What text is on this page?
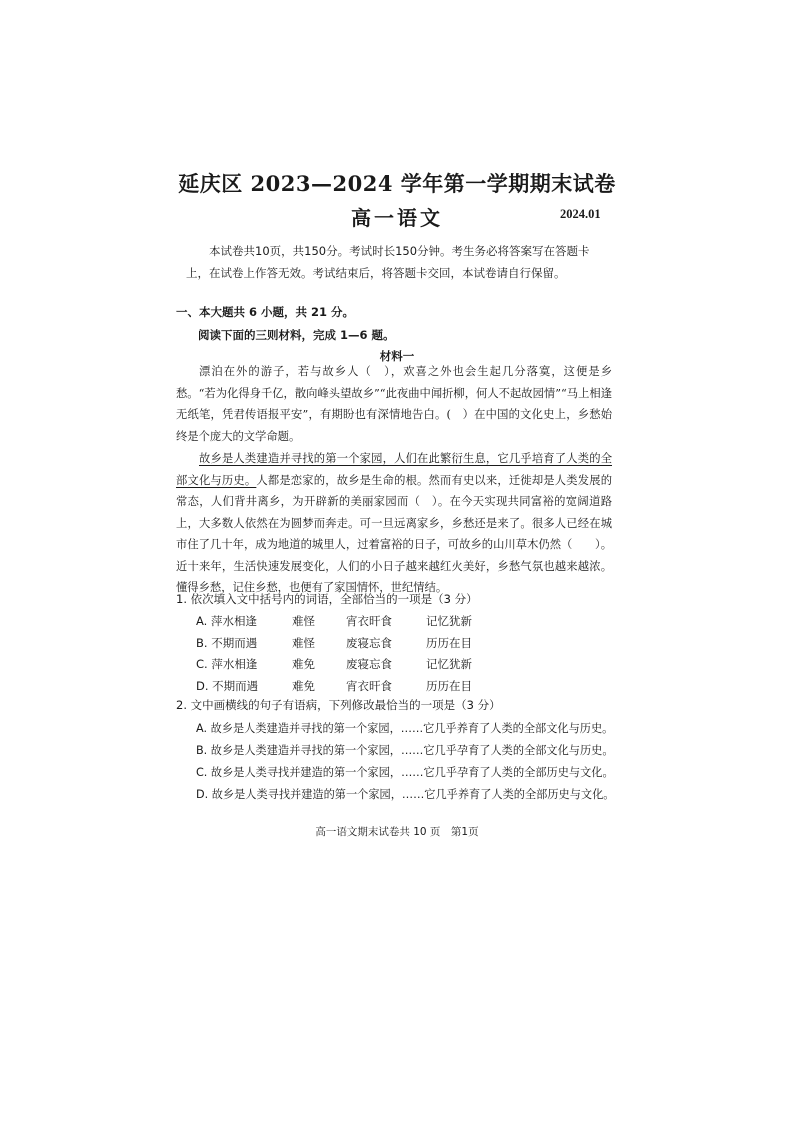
延庆区 2023—2024 学年第一学期期末试卷
高一语文	2024.01
本试卷共10页，共150分。考试时长150分钟。考生务必将答案写在答题卡上，在试卷上作答无效。考试结束后，将答题卡交回，本试卷请自行保留。
一、本大题共 6 小题，共 21 分。
阅读下面的三则材料，完成 1—6 题。
材料一
漂泊在外的游子，若与故乡人（　），欢喜之外也会生起几分落寞，这便是乡愁。“若为化得身千亿，散向峰头望故乡”“此夜曲中闻折柳，何人不起故园情”“马上相逢无纸笔，凭君传语报平安”，有期盼也有深情地告白。(　）在中国的文化史上，乡愁始终是个庞大的文学命题。
故乡是人类建造并寻找的第一个家园，人们在此繁衍生息，它几乎培育了人类的全部文化与历史。人都是恋家的，故乡是生命的根。然而有史以来，迁徙却是人类发展的常态，人们背井离乡，为开辟新的美丽家园而（　）。在今天实现共同富裕的宽阔道路上，大多数人依然在为圆梦而奔走。可一旦远离家乡，乡愁还是来了。很多人已经在城市住了几十年，成为地道的城里人，过着富裕的日子，可故乡的山川草木仍然（　　）。近十来年，生活快速发展变化，人们的小日子越来越红火美好，乡愁气氛也越来越浓。懂得乡愁，记住乡愁，也便有了家国情怀，世纪情结。
1. 依次填入文中括号内的词语，全部恰当的一项是（3 分）
A. 萍水相逢	难怪	宵衣旰食	记忆犹新
B. 不期而遇	难怪	废寝忘食	历历在目
C. 萍水相逢	难免	废寝忘食	记忆犹新
D. 不期而遇	难免	宵衣旰食	历历在目
2. 文中画横线的句子有语病，下列修改最恰当的一项是（3 分）
A. 故乡是人类建造并寻找的第一个家园，……它几乎养育了人类的全部文化与历史。
B. 故乡是人类建造并寻找的第一个家园，……它几乎孕育了人类的全部文化与历史。
C. 故乡是人类寻找并建造的第一个家园，……它几乎孕育了人类的全部历史与文化。
D. 故乡是人类寻找并建造的第一个家园，……它几乎养育了人类的全部历史与文化。
高一语文期末试卷共 10 页　第1页
